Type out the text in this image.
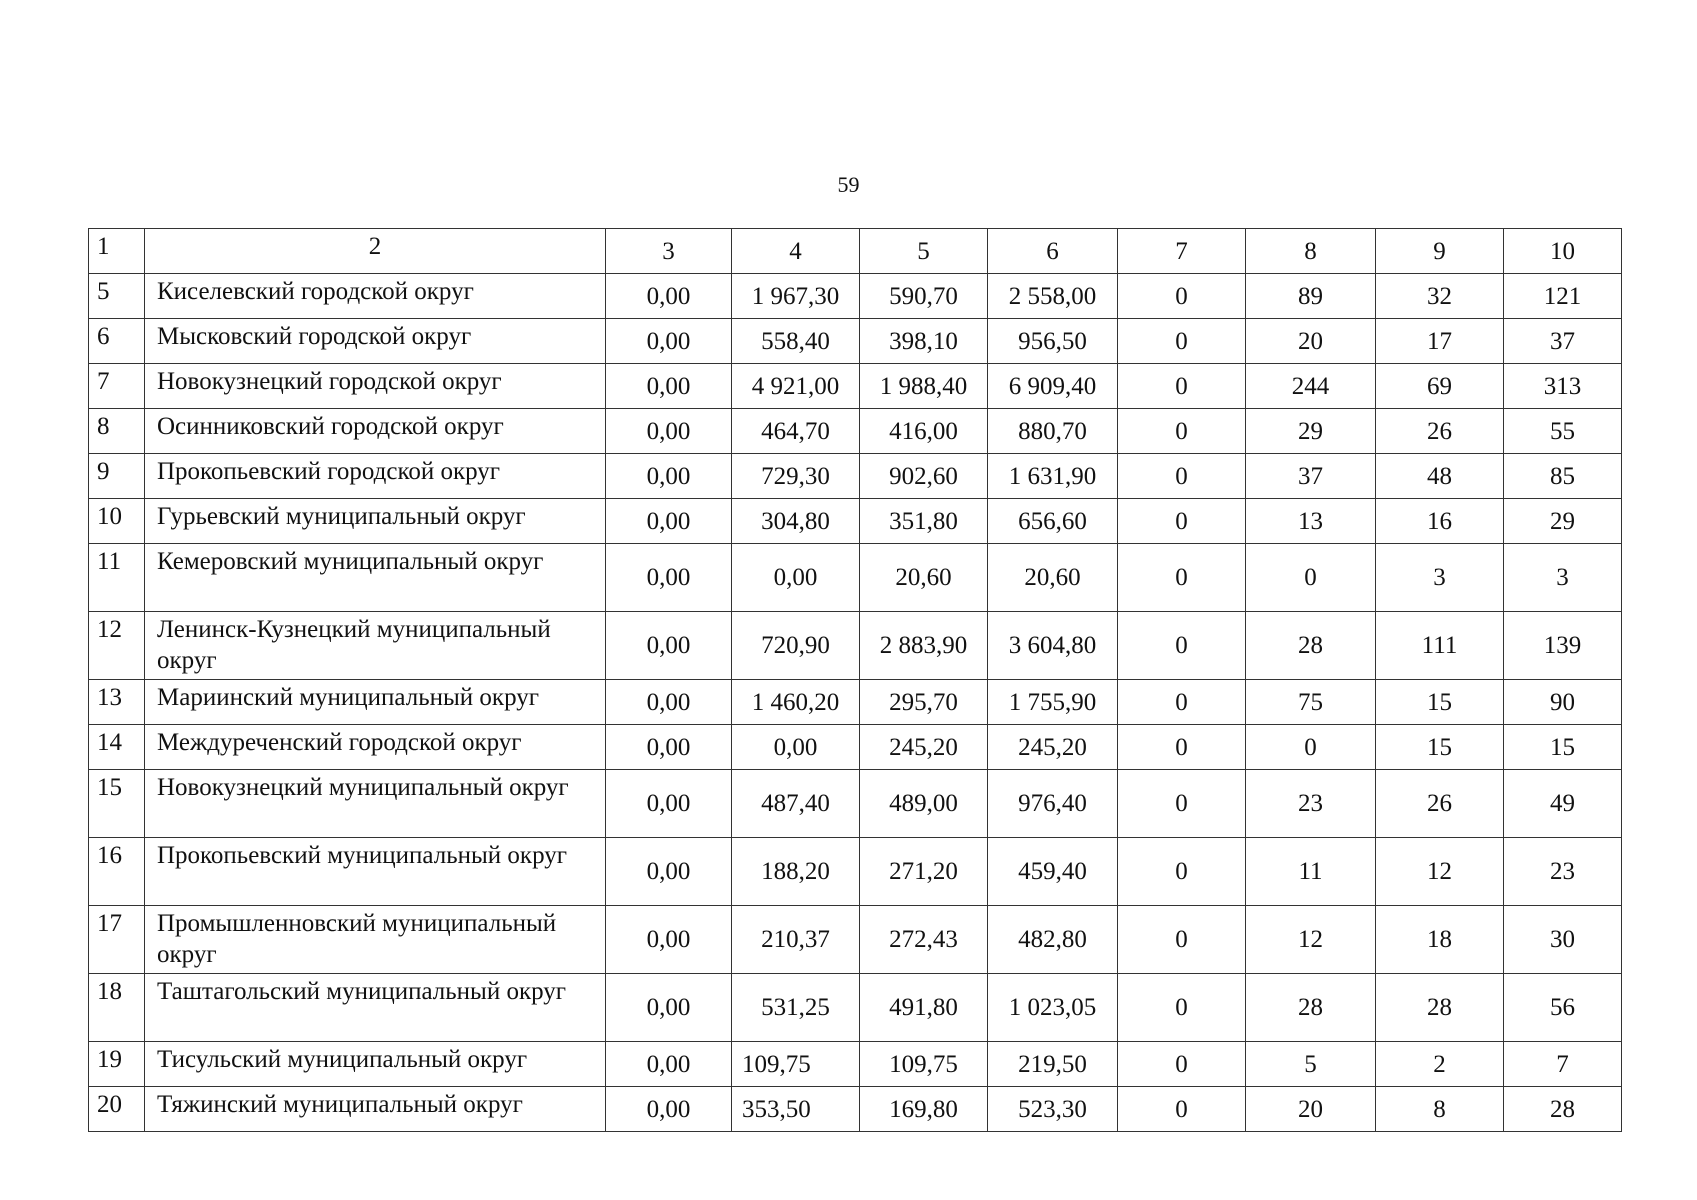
59
1	2	3	4	5	6	7	8	9	10
5	Киселевский городской округ	0,00	1 967,30	590,70	2 558,00	0	89	32	121
6	Мысковский городской округ	0,00	558,40	398,10	956,50	0	20	17	37
7	Новокузнецкий городской округ	0,00	4 921,00	1 988,40	6 909,40	0	244	69	313
8	Осинниковский городской округ	0,00	464,70	416,00	880,70	0	29	26	55
9	Прокопьевский городской округ	0,00	729,30	902,60	1 631,90	0	37	48	85
10	Гурьевский муниципальный округ	0,00	304,80	351,80	656,60	0	13	16	29
11	Кемеровский муниципальный округ	0,00	0,00	20,60	20,60	0	0	3	3
12	Ленинск-Кузнецкий муниципальный округ	0,00	720,90	2 883,90	3 604,80	0	28	111	139
13	Мариинский муниципальный округ	0,00	1 460,20	295,70	1 755,90	0	75	15	90
14	Междуреченский городской округ	0,00	0,00	245,20	245,20	0	0	15	15
15	Новокузнецкий муниципальный округ	0,00	487,40	489,00	976,40	0	23	26	49
16	Прокопьевский муниципальный округ	0,00	188,20	271,20	459,40	0	11	12	23
17	Промышленновский муниципальный округ	0,00	210,37	272,43	482,80	0	12	18	30
18	Таштагольский муниципальный округ	0,00	531,25	491,80	1 023,05	0	28	28	56
19	Тисульский муниципальный округ	0,00	109,75	109,75	219,50	0	5	2	7
20	Тяжинский муниципальный округ	0,00	353,50	169,80	523,30	0	20	8	28
